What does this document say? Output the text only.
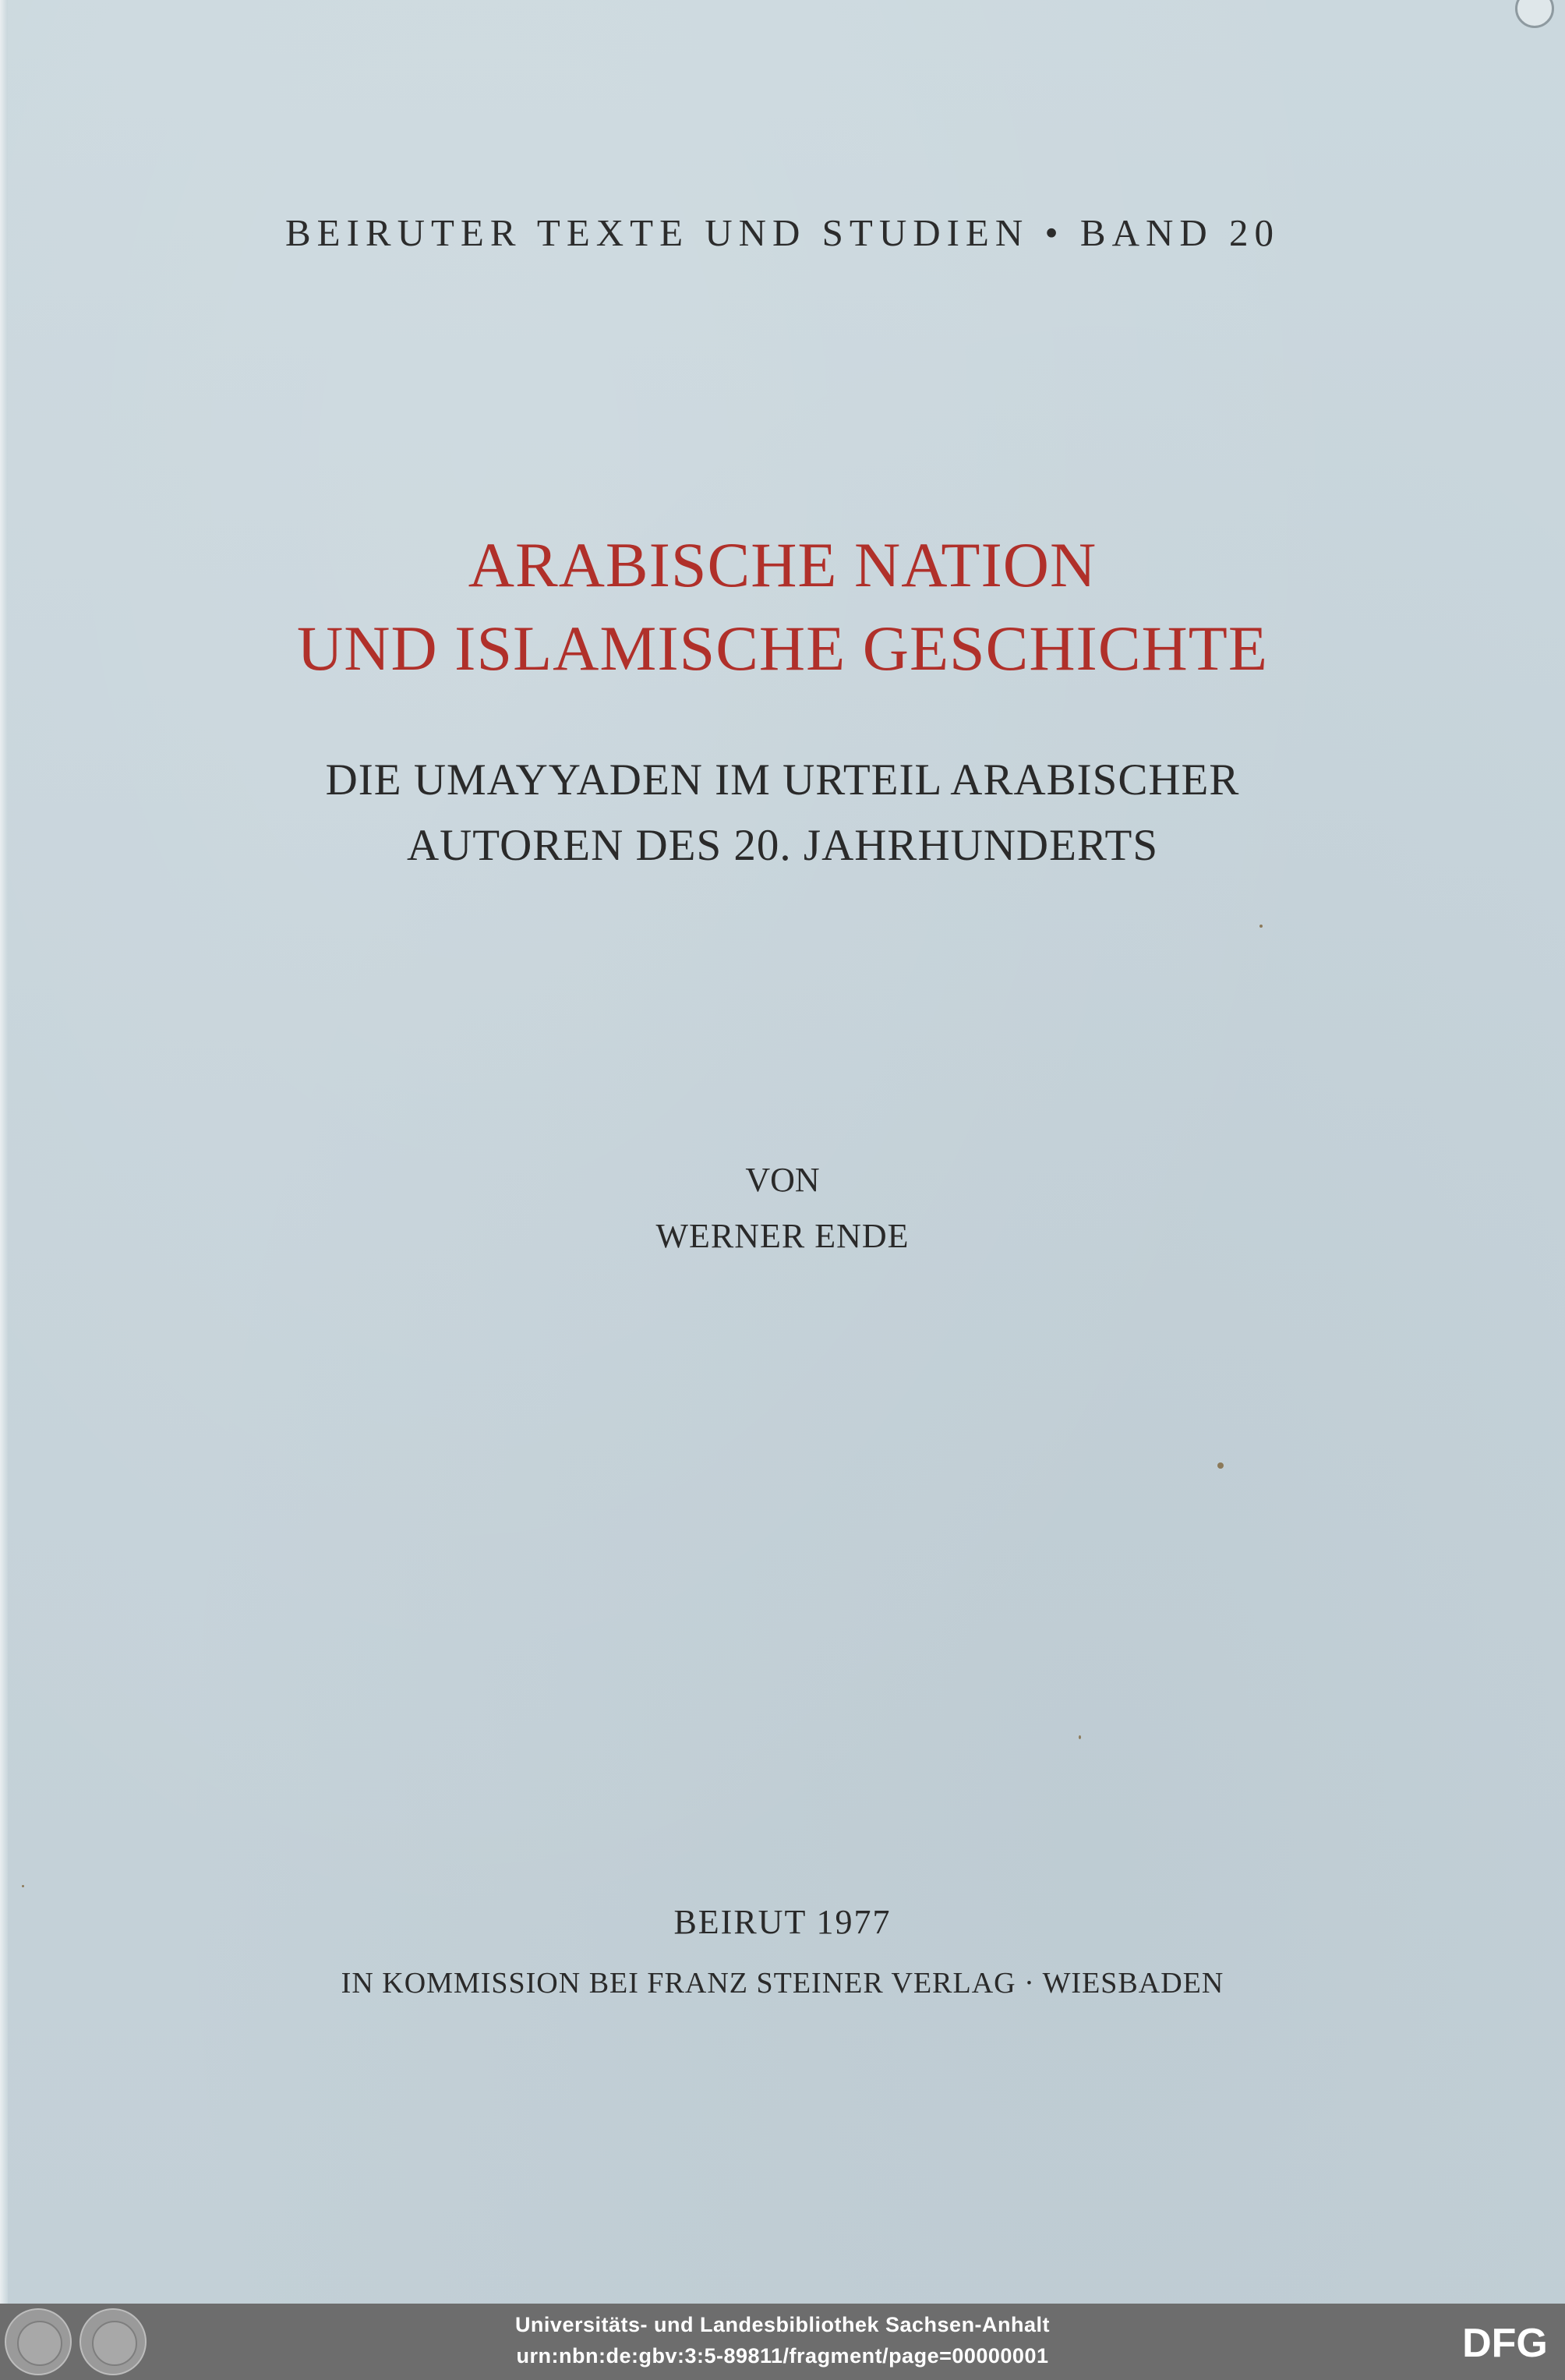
BEIRUTER TEXTE UND STUDIEN • BAND 20
ARABISCHE NATION
UND ISLAMISCHE GESCHICHTE
DIE UMAYYADEN IM URTEIL ARABISCHER
AUTOREN DES 20. JAHRHUNDERTS
VON
WERNER ENDE
BEIRUT 1977
IN KOMMISSION BEI FRANZ STEINER VERLAG · WIESBADEN
Universitäts- und Landesbibliothek Sachsen-Anhalt
urn:nbn:de:gbv:3:5-89811/fragment/page=00000001	DFG
